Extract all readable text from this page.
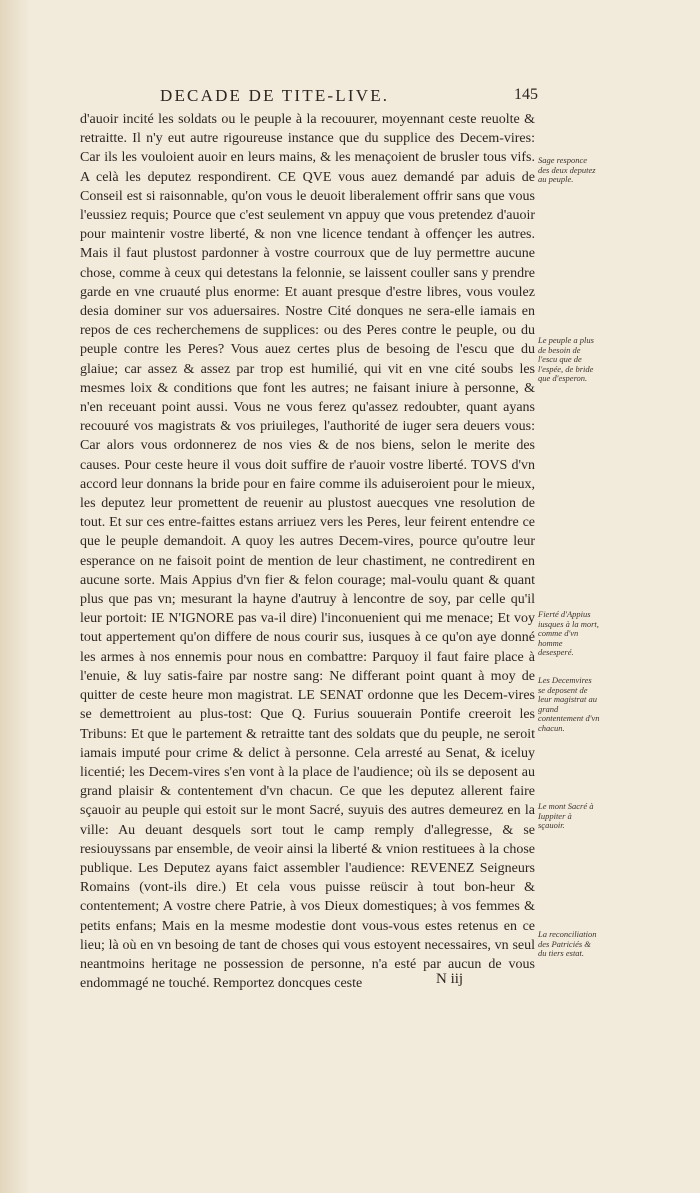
DECADE DE TITE-LIVE.	145

d'auoir incité les soldats ou le peuple à la recouurer, moyennant ceste reuolte & retraitte. Il n'y eut autre rigoureuse instance que du supplice des Decem-vires: Car ils les vouloient auoir en leurs mains, & les menaçoient de brusler tous vifs. A celà les deputez respondirent. CE QVE vous auez demandé par aduis de Conseil est si raisonnable, qu'on vous le deuoit liberalement offrir sans que vous l'eussiez requis; Pource que c'est seulement vn appuy que vous pretendez d'auoir pour maintenir vostre liberté, & non vne licence tendant à offençer les autres. Mais il faut plustost pardonner à vostre courroux que de luy permettre aucune chose, comme à ceux qui detestans la felonnie, se laissent couller sans y prendre garde en vne cruauté plus enorme: Et auant presque d'estre libres, vous voulez desia dominer sur vos aduersaires. Nostre Cité donques ne sera-elle iamais en repos de ces recherchemens de supplices: ou des Peres contre le peuple, ou du peuple contre les Peres? Vous auez certes plus de besoing de l'escu que du glaiue; car assez & assez par trop est humilié, qui vit en vne cité soubs les mesmes loix & conditions que font les autres; ne faisant iniure à personne, & n'en receuant point aussi. Vous ne vous ferez qu'assez redoubter, quant ayans recouuré vos magistrats & vos priuileges, l'authorité de iuger sera deuers vous: Car alors vous ordonnerez de nos vies & de nos biens, selon le merite des causes. Pour ceste heure il vous doit suffire de r'auoir vostre liberté. TOVS d'vn accord leur donnans la bride pour en faire comme ils aduiseroient pour le mieux, les deputez leur promettent de reuenir au plustost auecques vne resolution de tout. Et sur ces entre-faittes estans arriuez vers les Peres, leur feirent entendre ce que le peuple demandoit. A quoy les autres Decem-vires, pource qu'outre leur esperance on ne faisoit point de mention de leur chastiment, ne contredirent en aucune sorte. Mais Appius d'vn fier & felon courage; mal-voulu quant & quant plus que pas vn; mesurant la hayne d'autruy à lencontre de soy, par celle qu'il leur portoit: IE N'IGNORE pas va-il dire) l'inconuenient qui me menace; Et voy tout appertement qu'on differe de nous courir sus, iusques à ce qu'on aye donné les armes à nos ennemis pour nous en combattre: Parquoy il faut faire place à l'enuie, & luy satis-faire par nostre sang: Ne differant point quant à moy de quitter de ceste heure mon magistrat. LE SENAT ordonne que les Decem-vires se demettroient au plus-tost: Que Q. Furius souuerain Pontife creeroit les Tribuns: Et que le partement & retraitte tant des soldats que du peuple, ne seroit iamais imputé pour crime & delict à personne. Cela arresté au Senat, & iceluy licentié; les Decem-vires s'en vont à la place de l'audience; où ils se deposent au grand plaisir & contentement d'vn chacun. Ce que les deputez allerent faire sçauoir au peuple qui estoit sur le mont Sacré, suyuis des autres demeurez en la ville: Au deuant desquels sort tout le camp remply d'allegresse, & se resiouyssans par ensemble, de veoir ainsi la liberté & vnion restituees à la chose publique. Les Deputez ayans faict assembler l'audience: REVENEZ Seigneurs Romains (vont-ils dire.) Et cela vous puisse reüscir à tout bon-heur & contentement; A vostre chere Patrie, à vos Dieux domestiques; à vos femmes & petits enfans; Mais en la mesme modestie dont vous-vous estes retenus en ce lieu; là où en vn besoing de tant de choses qui vous estoyent necessaires, vn seul neantmoins heritage ne possession de personne, n'a esté par aucun de vous endommagé ne touché. Remportez doncques ceste

Sage responce des deux deputez au peuple.
Le peuple a plus de besoin de l'escu que de l'espée, de bride que d'esperon.
Fierté d'Appius iusques à la mort, comme d'vn homme desesperé.
Les Decemvires se deposent de leur magistrat au grand contentement d'vn chacun.
Le mont Sacré à Iuppiter à sçauoir.
La reconciliation des Patriciés & du tiers estat.
N iij
